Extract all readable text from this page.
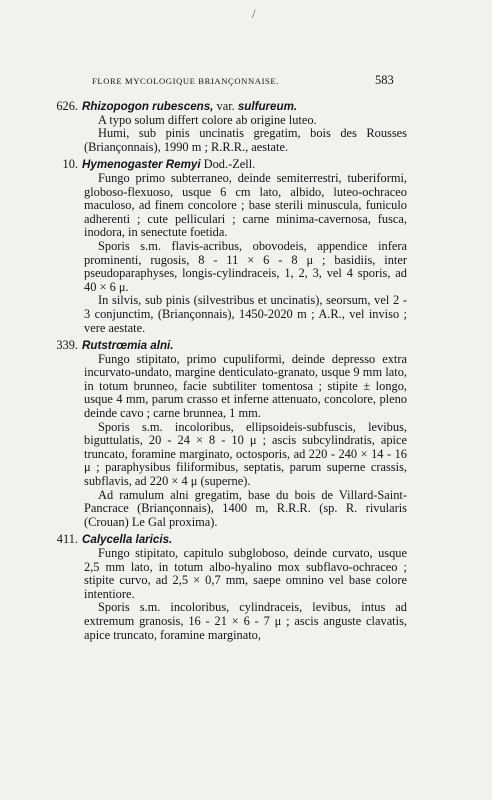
/
FLORE MYCOLOGIQUE BRIANÇONNAISE.	583
626. Rhizopogon rubescens, var. sulfureum.
A typo solum differt colore ab origine luteo.
Humi, sub pinis uncinatis gregatim, bois des Rousses (Briançonnais), 1990 m ; R.R.R., aestate.
10. Hymenogaster Remyi Dod.-Zell.
Fungo primo subterraneo, deinde semiterrestri, tuberiformi, globoso-flexuoso, usque 6 cm lato, albido, luteo-ochraceo maculoso, ad finem concolore ; base sterili minuscula, funiculo adherenti ; cute pelliculari ; carne minima-cavernosa, fusca, inodora, in senectute foetida.
Sporis s.m. flavis-acribus, obovodeis, appendice infera prominenti, rugosis, 8 - 11 × 6 - 8 μ ; basidiis, inter pseudoparaphyses, longis-cylindraceis, 1, 2, 3, vel 4 sporis, ad 40 × 6 μ.
In silvis, sub pinis (silvestribus et uncinatis), seorsum, vel 2 - 3 conjunctim, (Briançonnais), 1450-2020 m ; A.R., vel inviso ; vere aestate.
339. Rutstrœmia alni.
Fungo stipitato, primo cupuliformi, deinde depresso extra incurvato-undato, margine denticulato-granato, usque 9 mm lato, in totum brunneo, facie subtiliter tomentosa ; stipite ± longo, usque 4 mm, parum crasso et inferne attenuato, concolore, pleno deinde cavo ; carne brunnea, 1 mm.
Sporis s.m. incoloribus, ellipsoideis-subfuscis, levibus, biguttulatis, 20 - 24 × 8 - 10 μ ; ascis subcylindratis, apice truncato, foramine marginato, octosporis, ad 220 - 240 × 14 - 16 μ ; paraphysibus filiformibus, septatis, parum superne crassis, subflavis, ad 220 × 4 μ (superne).
Ad ramulum alni gregatim, base du bois de Villard-Saint-Pancrace (Briançonnais), 1400 m, R.R.R. (sp. R. rivularis (Crouan) Le Gal proxima).
411. Calycella laricis.
Fungo stipitato, capitulo subgloboso, deinde curvato, usque 2,5 mm lato, in totum albo-hyalino mox subflavo-ochraceo ; stipite curvo, ad 2,5 × 0,7 mm, saepe omnino vel base colore intentiore.
Sporis s.m. incoloribus, cylindraceis, levibus, intus ad extremum granosis, 16 - 21 × 6 - 7 μ ; ascis anguste clavatis, apice truncato, foramine marginato,
